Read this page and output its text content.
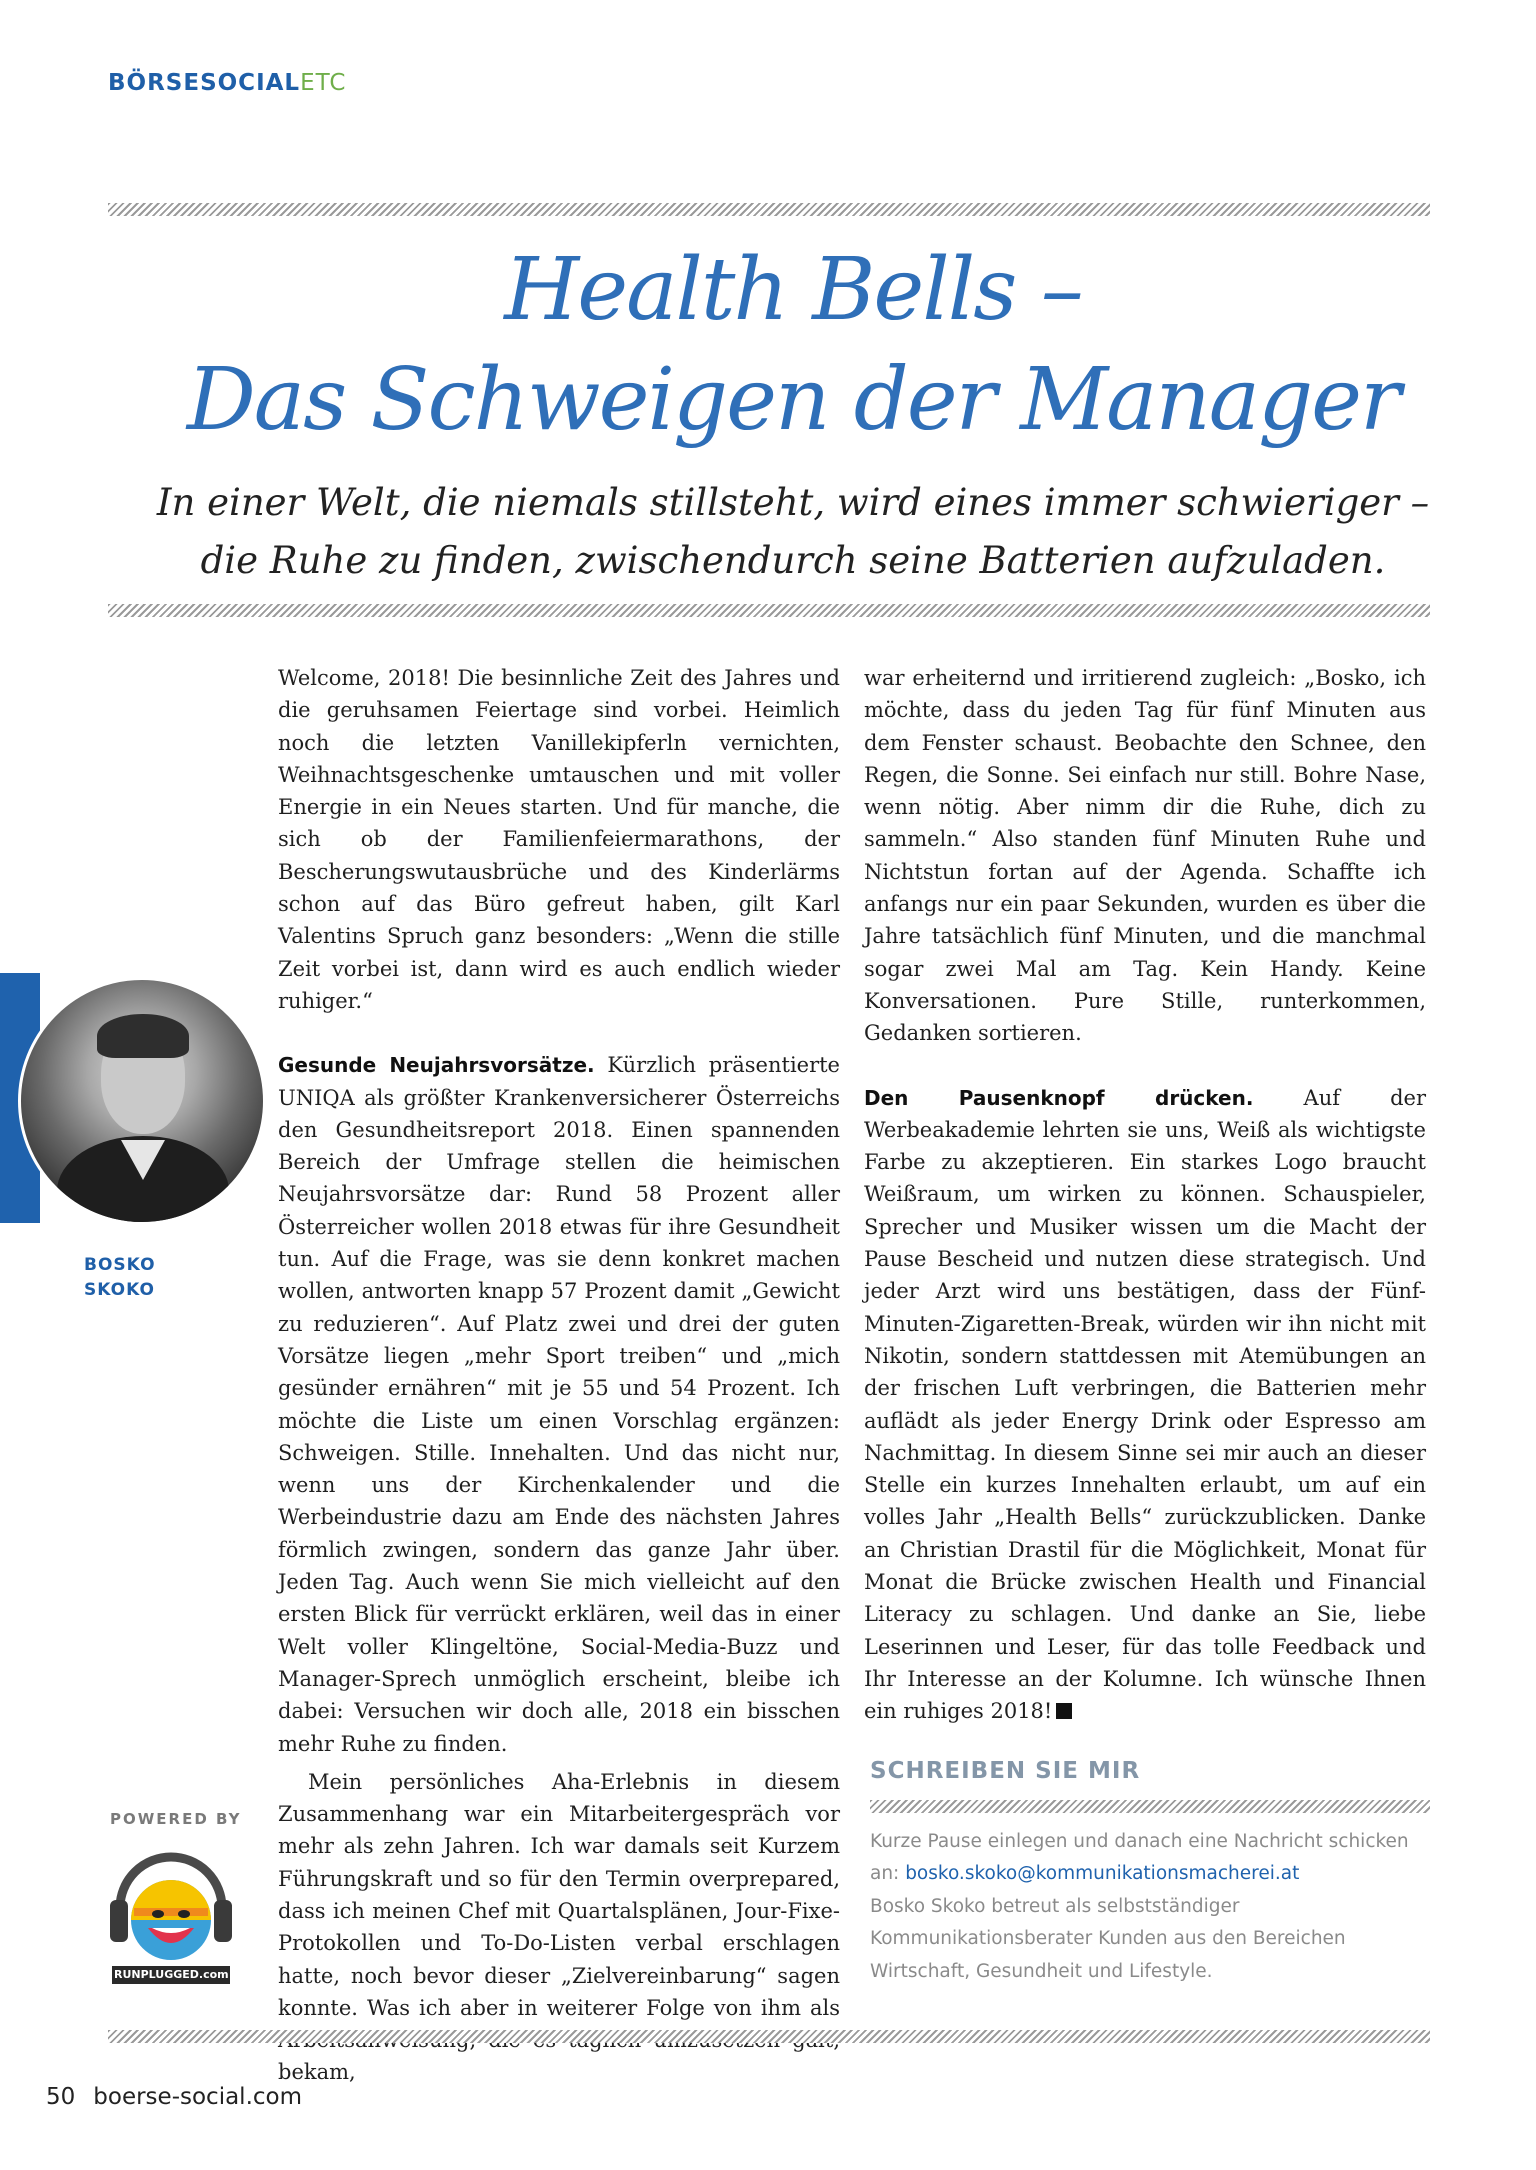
BÖRSESOCIALETC
Health Bells –
Das Schweigen der Manager
In einer Welt, die niemals stillsteht, wird eines immer schwieriger –
die Ruhe zu finden, zwischendurch seine Batterien aufzuladen.

Welcome, 2018! Die besinnliche Zeit des Jahres und die geruhsamen Feiertage sind vorbei. Heimlich noch die letzten Vanillekipferln vernichten, Weihnachtsgeschenke umtauschen und mit voller Energie in ein Neues starten. Und für manche, die sich ob der Familienfeiermarathons, der Bescherungswutausbrüche und des Kinderlärms schon auf das Büro gefreut haben, gilt Karl Valentins Spruch ganz besonders: „Wenn die stille Zeit vorbei ist, dann wird es auch endlich wieder ruhiger.“

Gesunde Neujahrsvorsätze. Kürzlich präsentierte UNIQA als größter Krankenversicherer Österreichs den Gesundheitsreport 2018. Einen spannenden Bereich der Umfrage stellen die heimischen Neujahrsvorsätze dar: Rund 58 Prozent aller Österreicher wollen 2018 etwas für ihre Gesundheit tun. Auf die Frage, was sie denn konkret machen wollen, antworten knapp 57 Prozent damit „Gewicht zu reduzieren“. Auf Platz zwei und drei der guten Vorsätze liegen „mehr Sport treiben“ und „mich gesünder ernähren“ mit je 55 und 54 Prozent. Ich möchte die Liste um einen Vorschlag ergänzen: Schweigen. Stille. Innehalten. Und das nicht nur, wenn uns der Kirchenkalender und die Werbeindustrie dazu am Ende des nächsten Jahres förmlich zwingen, sondern das ganze Jahr über. Jeden Tag. Auch wenn Sie mich vielleicht auf den ersten Blick für verrückt erklären, weil das in einer Welt voller Klingeltöne, Social-Media-Buzz und Manager-Sprech unmöglich erscheint, bleibe ich dabei: Versuchen wir doch alle, 2018 ein bisschen mehr Ruhe zu finden.

Mein persönliches Aha-Erlebnis in diesem Zusammenhang war ein Mitarbeitergespräch vor mehr als zehn Jahren. Ich war damals seit Kurzem Führungskraft und so für den Termin overprepared, dass ich meinen Chef mit Quartalsplänen, Jour-Fixe-Protokollen und To-Do-Listen verbal erschlagen hatte, noch bevor dieser „Zielvereinbarung“ sagen konnte. Was ich aber in weiterer Folge von ihm als bekam,

war erheiternd und irritierend zugleich: „Bosko, ich möchte, dass du jeden Tag für fünf Minuten aus dem Fenster schaust. Beobachte den Schnee, den Regen, die Sonne. Sei einfach nur still. Bohre Nase, wenn nötig. Aber nimm dir die Ruhe, dich zu sammeln.“ Also standen fünf Minuten Ruhe und Nichtstun fortan auf der Agenda. Schaffte ich anfangs nur ein paar Sekunden, wurden es über die Jahre tatsächlich fünf Minuten, und die manchmal sogar zwei Mal am Tag. Kein Handy. Keine Konversationen. Pure Stille, runterkommen, Gedanken sortieren.

Den Pausenknopf drücken. Auf der Werbeakademie lehrten sie uns, Weiß als wichtigste Farbe zu akzeptieren. Ein starkes Logo braucht Weißraum, um wirken zu können. Schauspieler, Sprecher und Musiker wissen um die Macht der Pause Bescheid und nutzen diese strategisch. Und jeder Arzt wird uns bestätigen, dass der Fünf-Minuten-Zigaretten-Break, würden wir ihn nicht mit Nikotin, sondern stattdessen mit Atemübungen an der frischen Luft verbringen, die Batterien mehr auflädt als jeder Energy Drink oder Espresso am Nachmittag. In diesem Sinne sei mir auch an dieser Stelle ein kurzes Innehalten erlaubt, um auf ein volles Jahr „Health Bells“ zurückzublicken. Danke an Christian Drastil für die Möglichkeit, Monat für Monat die Brücke zwischen Health und Financial Literacy zu schlagen. Und danke an Sie, liebe Leserinnen und Leser, für das tolle Feedback und Ihr Interesse an der Kolumne. Ich wünsche Ihnen ein ruhiges 2018!

BOSKO
SKOKO
POWERED BY
RUNPLUGGED.com
SCHREIBEN SIE MIR
Kurze Pause einlegen und danach eine Nachricht schicken an: bosko.skoko@kommunikationsmacherei.at
Bosko Skoko betreut als selbstständiger Kommunikationsberater Kunden aus den Bereichen Wirtschaft, Gesundheit und Lifestyle.
50 boerse-social.com
